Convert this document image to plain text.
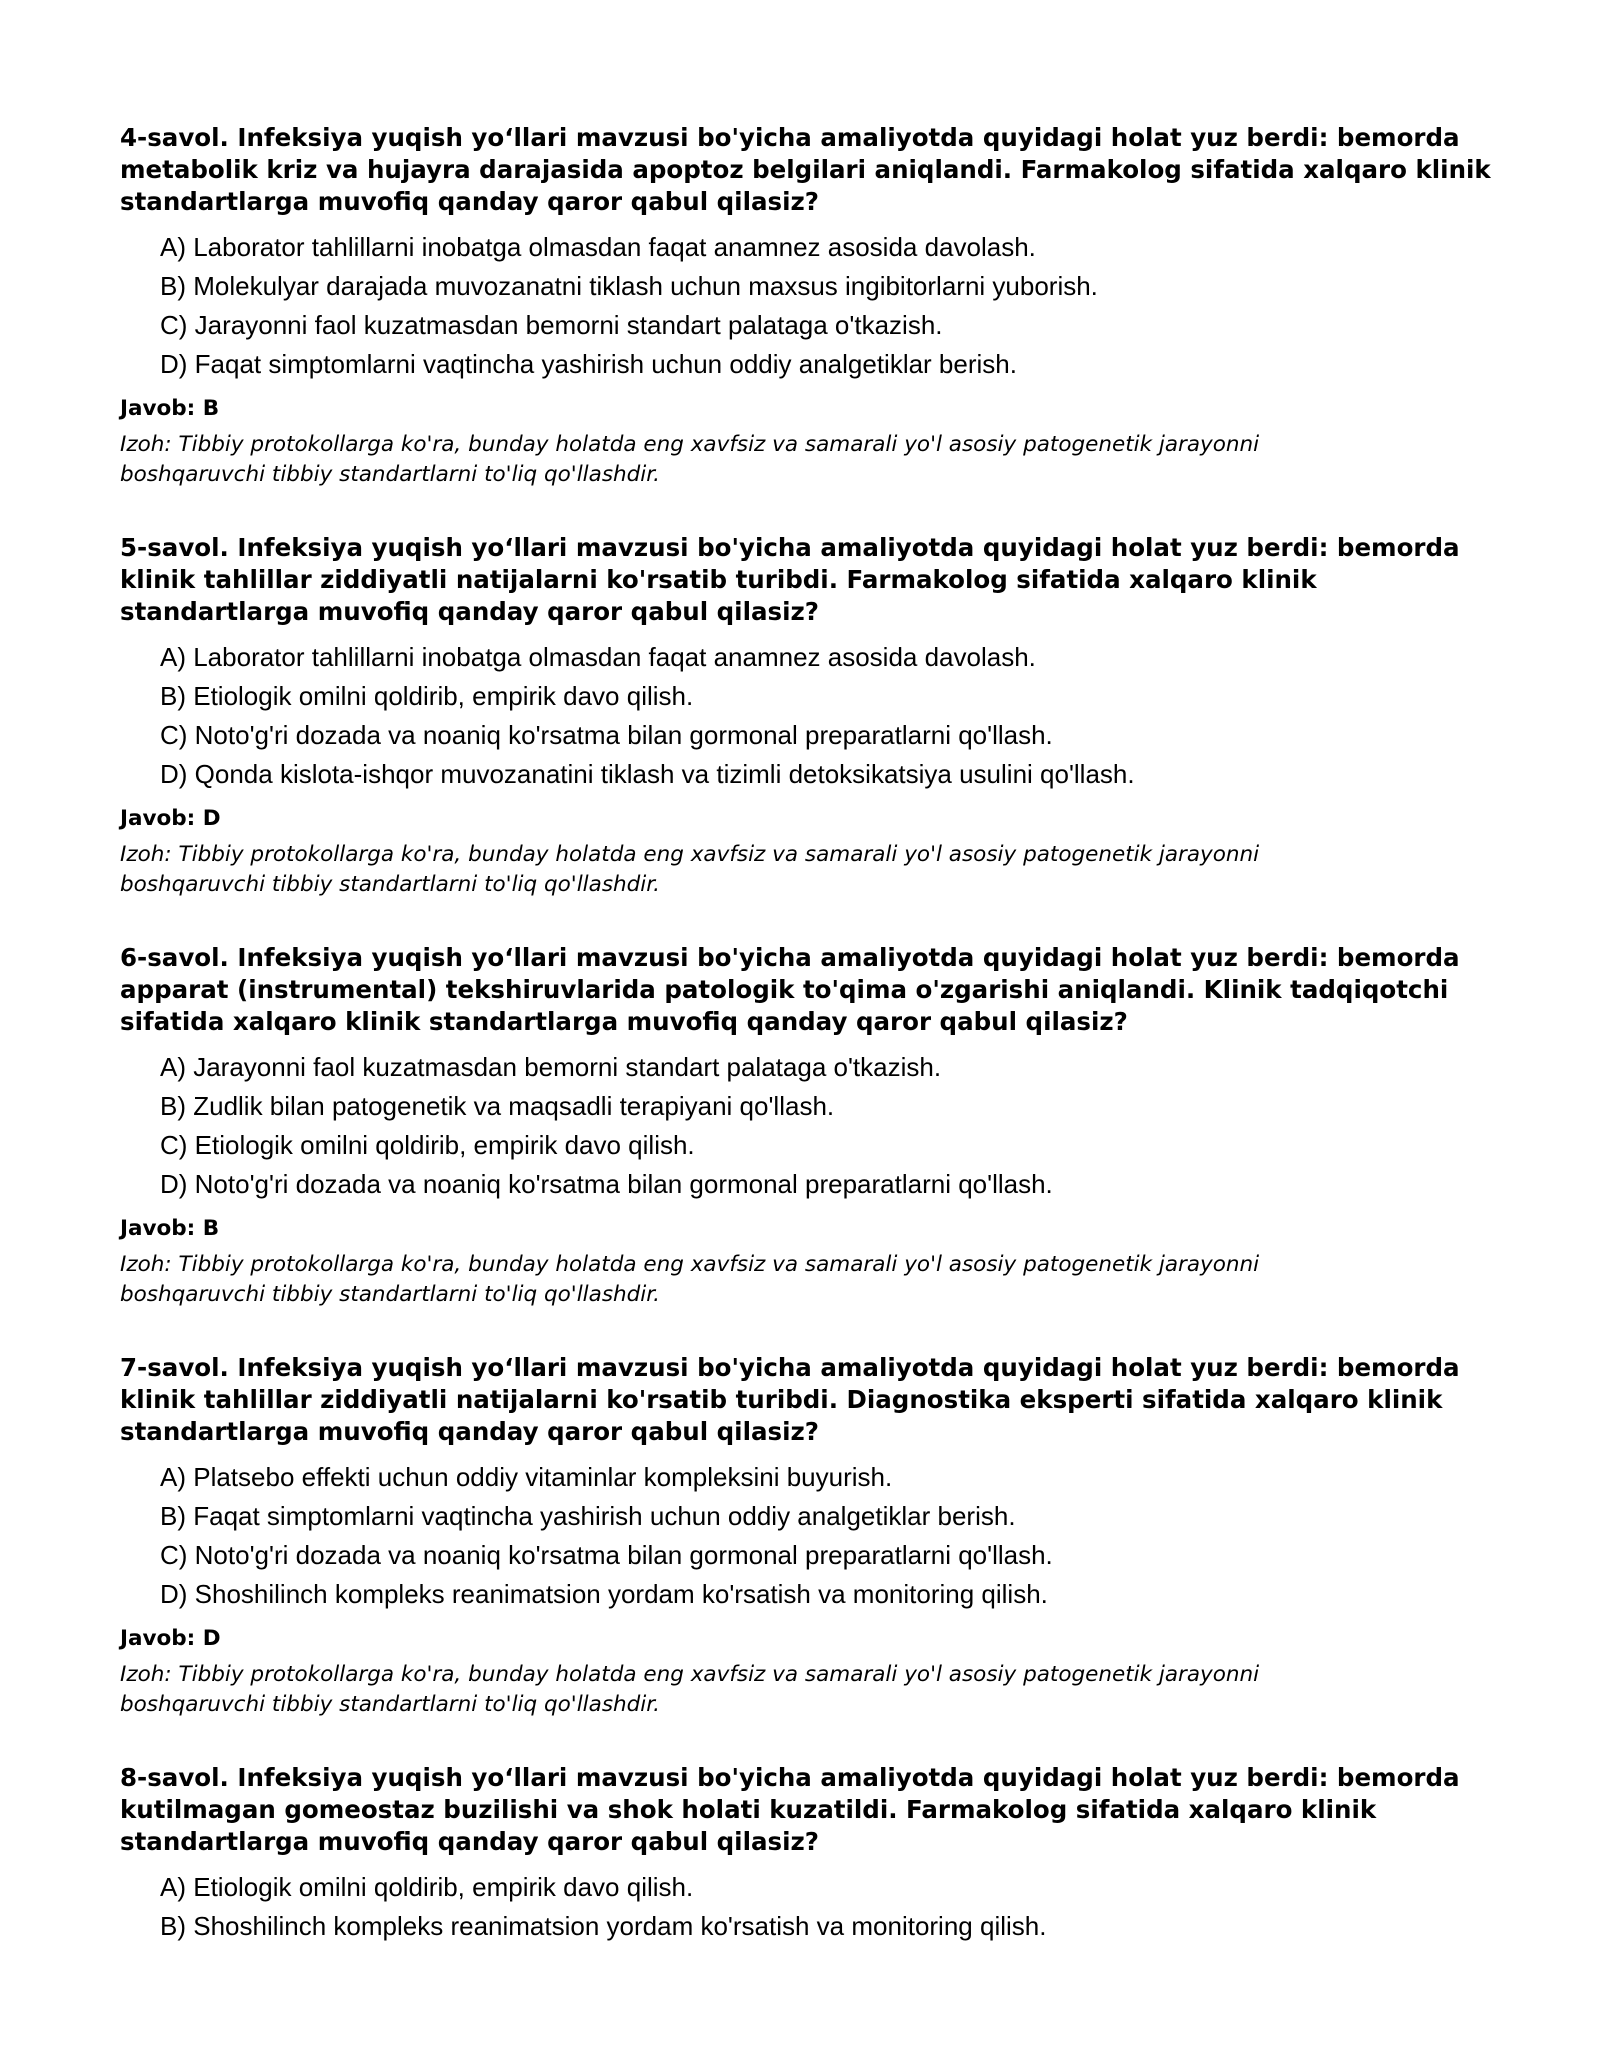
4-savol. Infeksiya yuqish yo‘llari mavzusi bo'yicha amaliyotda quyidagi holat yuz berdi: bemorda metabolik kriz va hujayra darajasida apoptoz belgilari aniqlandi. Farmakolog sifatida xalqaro klinik standartlarga muvofiq qanday qaror qabul qilasiz?

A) Laborator tahlillarni inobatga olmasdan faqat anamnez asosida davolash.
B) Molekulyar darajada muvozanatni tiklash uchun maxsus ingibitorlarni yuborish.
C) Jarayonni faol kuzatmasdan bemorni standart palataga o'tkazish.
D) Faqat simptomlarni vaqtincha yashirish uchun oddiy analgetiklar berish.

Javob: B

Izoh: Tibbiy protokollarga ko'ra, bunday holatda eng xavfsiz va samarali yo'l asosiy patogenetik jarayonni boshqaruvchi tibbiy standartlarni to'liq qo'llashdir.

5-savol. Infeksiya yuqish yo‘llari mavzusi bo'yicha amaliyotda quyidagi holat yuz berdi: bemorda klinik tahlillar ziddiyatli natijalarni ko'rsatib turibdi. Farmakolog sifatida xalqaro klinik standartlarga muvofiq qanday qaror qabul qilasiz?

A) Laborator tahlillarni inobatga olmasdan faqat anamnez asosida davolash.
B) Etiologik omilni qoldirib, empirik davo qilish.
C) Noto'g'ri dozada va noaniq ko'rsatma bilan gormonal preparatlarni qo'llash.
D) Qonda kislota-ishqor muvozanatini tiklash va tizimli detoksikatsiya usulini qo'llash.

Javob: D

Izoh: Tibbiy protokollarga ko'ra, bunday holatda eng xavfsiz va samarali yo'l asosiy patogenetik jarayonni boshqaruvchi tibbiy standartlarni to'liq qo'llashdir.

6-savol. Infeksiya yuqish yo‘llari mavzusi bo'yicha amaliyotda quyidagi holat yuz berdi: bemorda apparat (instrumental) tekshiruvlarida patologik to'qima o'zgarishi aniqlandi. Klinik tadqiqotchi sifatida xalqaro klinik standartlarga muvofiq qanday qaror qabul qilasiz?

A) Jarayonni faol kuzatmasdan bemorni standart palataga o'tkazish.
B) Zudlik bilan patogenetik va maqsadli terapiyani qo'llash.
C) Etiologik omilni qoldirib, empirik davo qilish.
D) Noto'g'ri dozada va noaniq ko'rsatma bilan gormonal preparatlarni qo'llash.

Javob: B

Izoh: Tibbiy protokollarga ko'ra, bunday holatda eng xavfsiz va samarali yo'l asosiy patogenetik jarayonni boshqaruvchi tibbiy standartlarni to'liq qo'llashdir.

7-savol. Infeksiya yuqish yo‘llari mavzusi bo'yicha amaliyotda quyidagi holat yuz berdi: bemorda klinik tahlillar ziddiyatli natijalarni ko'rsatib turibdi. Diagnostika eksperti sifatida xalqaro klinik standartlarga muvofiq qanday qaror qabul qilasiz?

A) Platsebo effekti uchun oddiy vitaminlar kompleksini buyurish.
B) Faqat simptomlarni vaqtincha yashirish uchun oddiy analgetiklar berish.
C) Noto'g'ri dozada va noaniq ko'rsatma bilan gormonal preparatlarni qo'llash.
D) Shoshilinch kompleks reanimatsion yordam ko'rsatish va monitoring qilish.

Javob: D

Izoh: Tibbiy protokollarga ko'ra, bunday holatda eng xavfsiz va samarali yo'l asosiy patogenetik jarayonni boshqaruvchi tibbiy standartlarni to'liq qo'llashdir.

8-savol. Infeksiya yuqish yo‘llari mavzusi bo'yicha amaliyotda quyidagi holat yuz berdi: bemorda kutilmagan gomeostaz buzilishi va shok holati kuzatildi. Farmakolog sifatida xalqaro klinik standartlarga muvofiq qanday qaror qabul qilasiz?

A) Etiologik omilni qoldirib, empirik davo qilish.
B) Shoshilinch kompleks reanimatsion yordam ko'rsatish va monitoring qilish.
